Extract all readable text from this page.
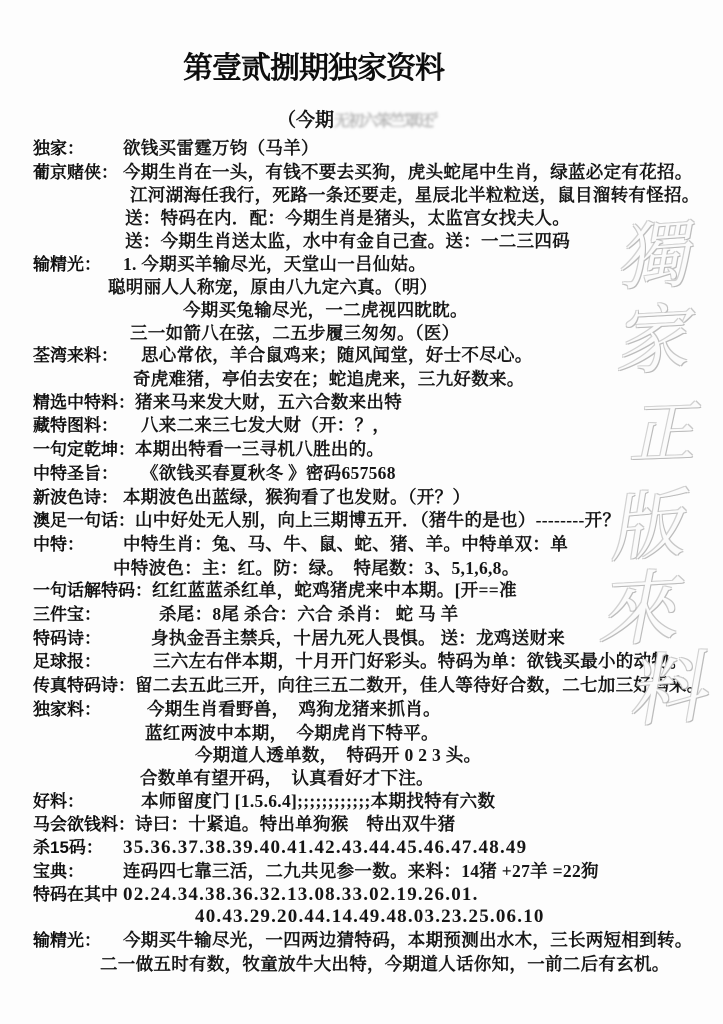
第壹贰捌期独家资料
（今期无初六笨竺罩还〞
独家：	欲钱买雷霆万钧（马羊）
葡京赌侠： 今期生肖在一头，有钱不要去买狗，虎头蛇尾中生肖，绿蓝必定有花招。
江河湖海任我行，死路一条还要走，星辰北半粒粒送，鼠目溜转有怪招。
送：特码在内．配：今期生肖是猪头，太监宫女找夫人。
送：今期生肖送太监，水中有金自己查。送：一二三四码
输精光：	1. 今期买羊输尽光，天堂山一吕仙姑。
聪明丽人人称宠，原由八九定六真。（明）
今期买兔输尽光，一二虎视四眈眈。
三一如箭八在弦，二五步履三匆匆。（医）
荃湾来料： 思心常依，羊合鼠鸡来；随风闻堂，好士不尽心。
奇虎难猪，亭伯去安在；蛇追虎来，三九好数来。
精选中特料： 猪来马来发大财，五六合数来出特
藏特图料： 八来二来三七发大财（开：？，
一句定乾坤： 本期出特看一三寻机八胜出的。
中特圣旨： 《欲钱买春夏秋冬 》密码657568
新波色诗： 本期波色出蓝绿，猴狗看了也发财。（开？）
澳足一句话： 山中好处无人别，向上三期博五开．（猪牛的是也）--------开？
中特：	中特生肖：兔、马、牛、鼠、蛇、猪、羊。中特单双：单
中特波色：主：红。防：绿。　特尾数：3、5,1,6,8。
一句话解特码： 红红蓝蓝杀红单，蛇鸡猪虎来中本期。[开==准
三件宝：	杀尾：8尾 杀合：六合 杀肖： 蛇 马 羊
特码诗：	身执金吾主禁兵，十居九死人畏惧。 送：龙鸡送财来
足球报：	三六左右伴本期，十月开门好彩头。特码为单：欲钱买最小的动物。
传真特码诗： 留二去五此三开，向往三五二数开，佳人等待好合数，二七加三好码来。
独家料：	今期生肖看野兽，　鸡狗龙猪来抓肖。
蓝红两波中本期，　今期虎肖下特平。
今期道人透单数，　特码开 0 2 3 头。
合数单有望开码，　认真看好才下注。
好料：	本师留度门 [1.5.6.4];;;;;;;;;;;;本期找特有六数
马会欲钱料： 诗曰：十紧追。特出单狗猴　特出双牛猪
杀15码：	35.36.37.38.39.40.41.42.43.44.45.46.47.48.49
宝典：	连码四七靠三活，二九共见参一数。来料：14猪 +27羊 =22狗
特码在其中 02.24.34.38.36.32.13.08.33.02.19.26.01.
40.43.29.20.44.14.49.48.03.23.25.06.10
输精光：	今期买牛输尽光，一四两边猜特码，本期预测出水木，三长两短相到转。
二一做五时有数，牧童放牛大出特，今期道人话你知，一前二后有玄机。
獨
家
正
版
來
料
